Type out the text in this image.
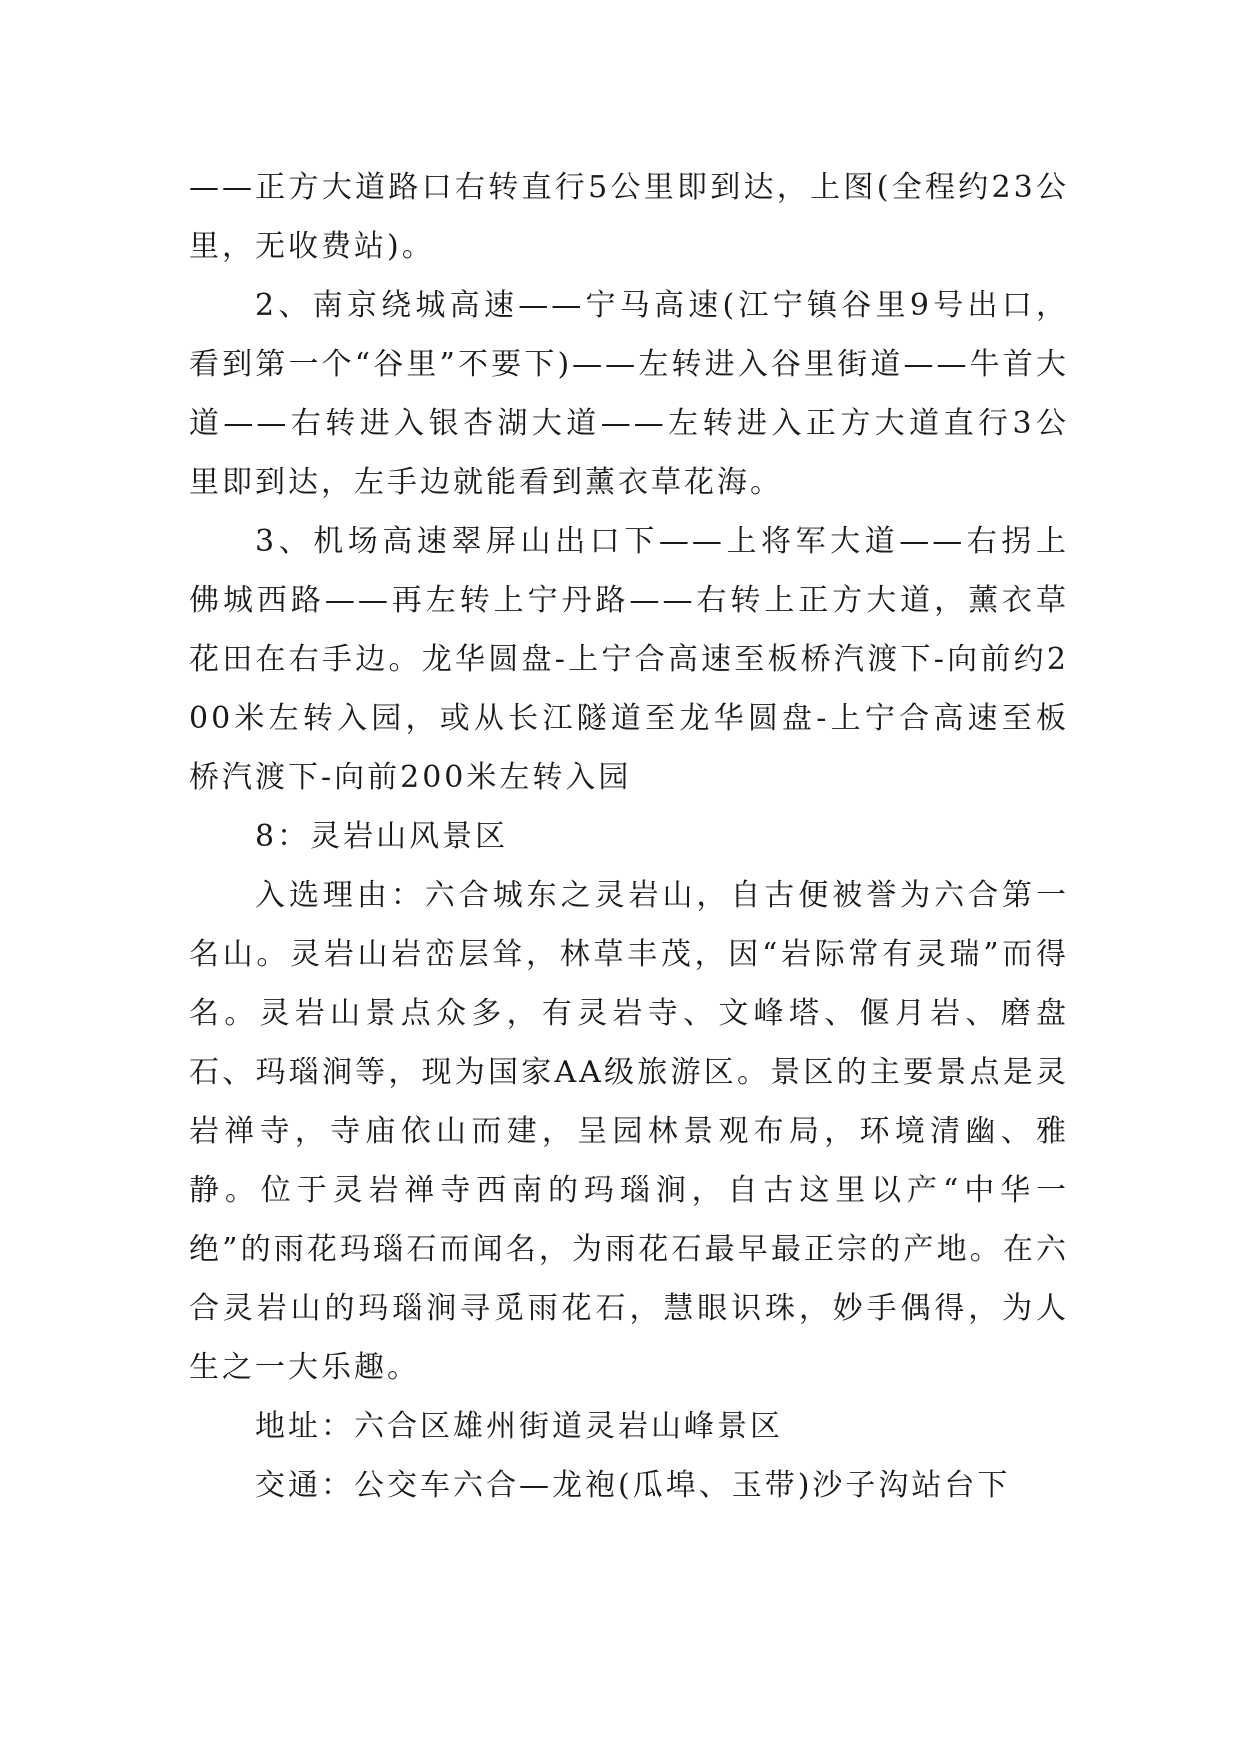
——正方大道路口右转直行5公里即到达，上图(全程约23公里，无收费站)。

2、南京绕城高速——宁马高速(江宁镇谷里9号出口，看到第一个“谷里”不要下)——左转进入谷里街道——牛首大道——右转进入银杏湖大道——左转进入正方大道直行3公里即到达，左手边就能看到薰衣草花海。

3、机场高速翠屏山出口下——上将军大道——右拐上佛城西路——再左转上宁丹路——右转上正方大道，薰衣草花田在右手边。龙华圆盘-上宁合高速至板桥汽渡下-向前约200米左转入园，或从长江隧道至龙华圆盘-上宁合高速至板桥汽渡下-向前200米左转入园

8：灵岩山风景区

入选理由：六合城东之灵岩山，自古便被誉为六合第一名山。灵岩山岩峦层耸，林草丰茂，因“岩际常有灵瑞”而得名。灵岩山景点众多，有灵岩寺、文峰塔、偃月岩、磨盘石、玛瑙涧等，现为国家AA级旅游区。景区的主要景点是灵岩禅寺，寺庙依山而建，呈园林景观布局，环境清幽、雅静。位于灵岩禅寺西南的玛瑙涧，自古这里以产“中华一绝”的雨花玛瑙石而闻名，为雨花石最早最正宗的产地。在六合灵岩山的玛瑙涧寻觅雨花石，慧眼识珠，妙手偶得，为人生之一大乐趣。

地址：六合区雄州街道灵岩山峰景区

交通：公交车六合—龙袍(瓜埠、玉带)沙子沟站台下
